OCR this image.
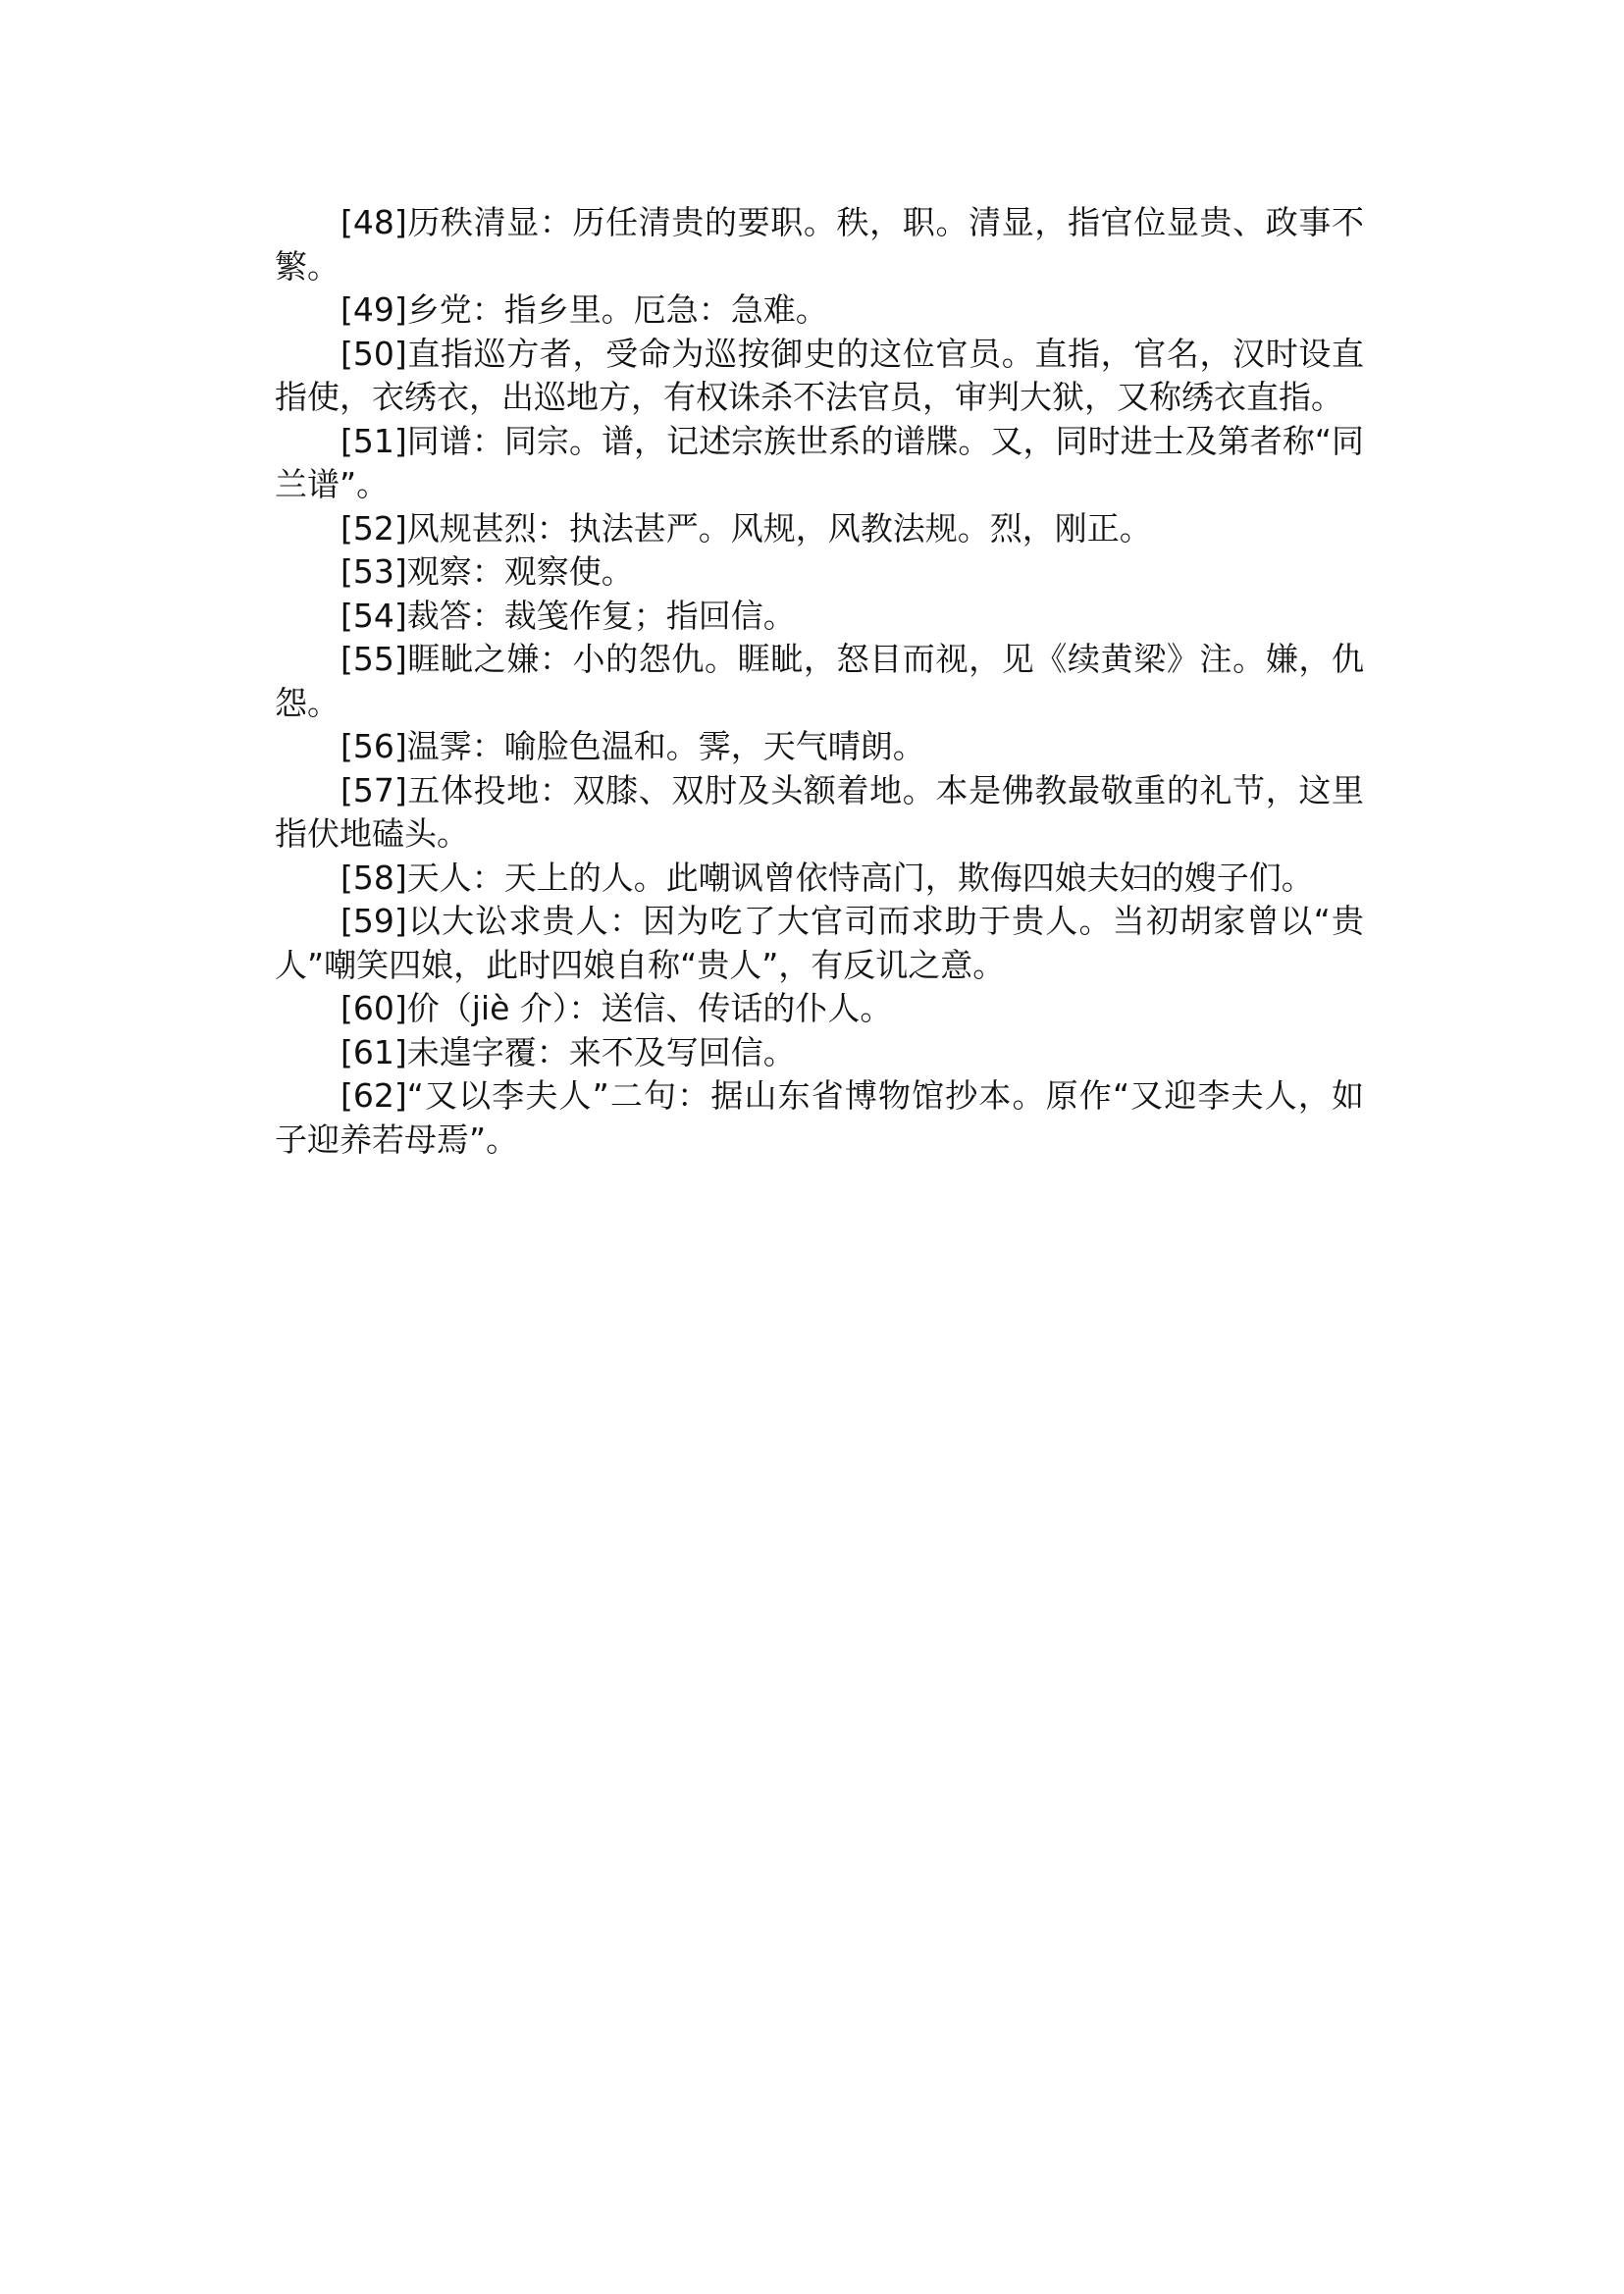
[48]历秩清显：历任清贵的要职。秩，职。清显，指官位显贵、政事不繁。

[49]乡党：指乡里。厄急：急难。

[50]直指巡方者，受命为巡按御史的这位官员。直指，官名，汉时设直指使，衣绣衣，出巡地方，有权诛杀不法官员，审判大狱，又称绣衣直指。

[51]同谱：同宗。谱，记述宗族世系的谱牒。又，同时进士及第者称“同兰谱”。

[52]风规甚烈：执法甚严。风规，风教法规。烈，刚正。

[53]观察：观察使。

[54]裁答：裁笺作复；指回信。

[55]睚眦之嫌：小的怨仇。睚眦，怒目而视，见《续黄梁》注。嫌，仇怨。

[56]温霁：喻脸色温和。霁，天气晴朗。

[57]五体投地：双膝、双肘及头额着地。本是佛教最敬重的礼节，这里指伏地磕头。

[58]天人：天上的人。此嘲讽曾依恃高门，欺侮四娘夫妇的嫂子们。

[59]以大讼求贵人：因为吃了大官司而求助于贵人。当初胡家曾以“贵人”嘲笑四娘，此时四娘自称“贵人”，有反讥之意。

[60]价（jiè 介）：送信、传话的仆人。

[61]未遑字覆：来不及写回信。

[62]“又以李夫人”二句：据山东省博物馆抄本。原作“又迎李夫人，如子迎养若母焉”。
